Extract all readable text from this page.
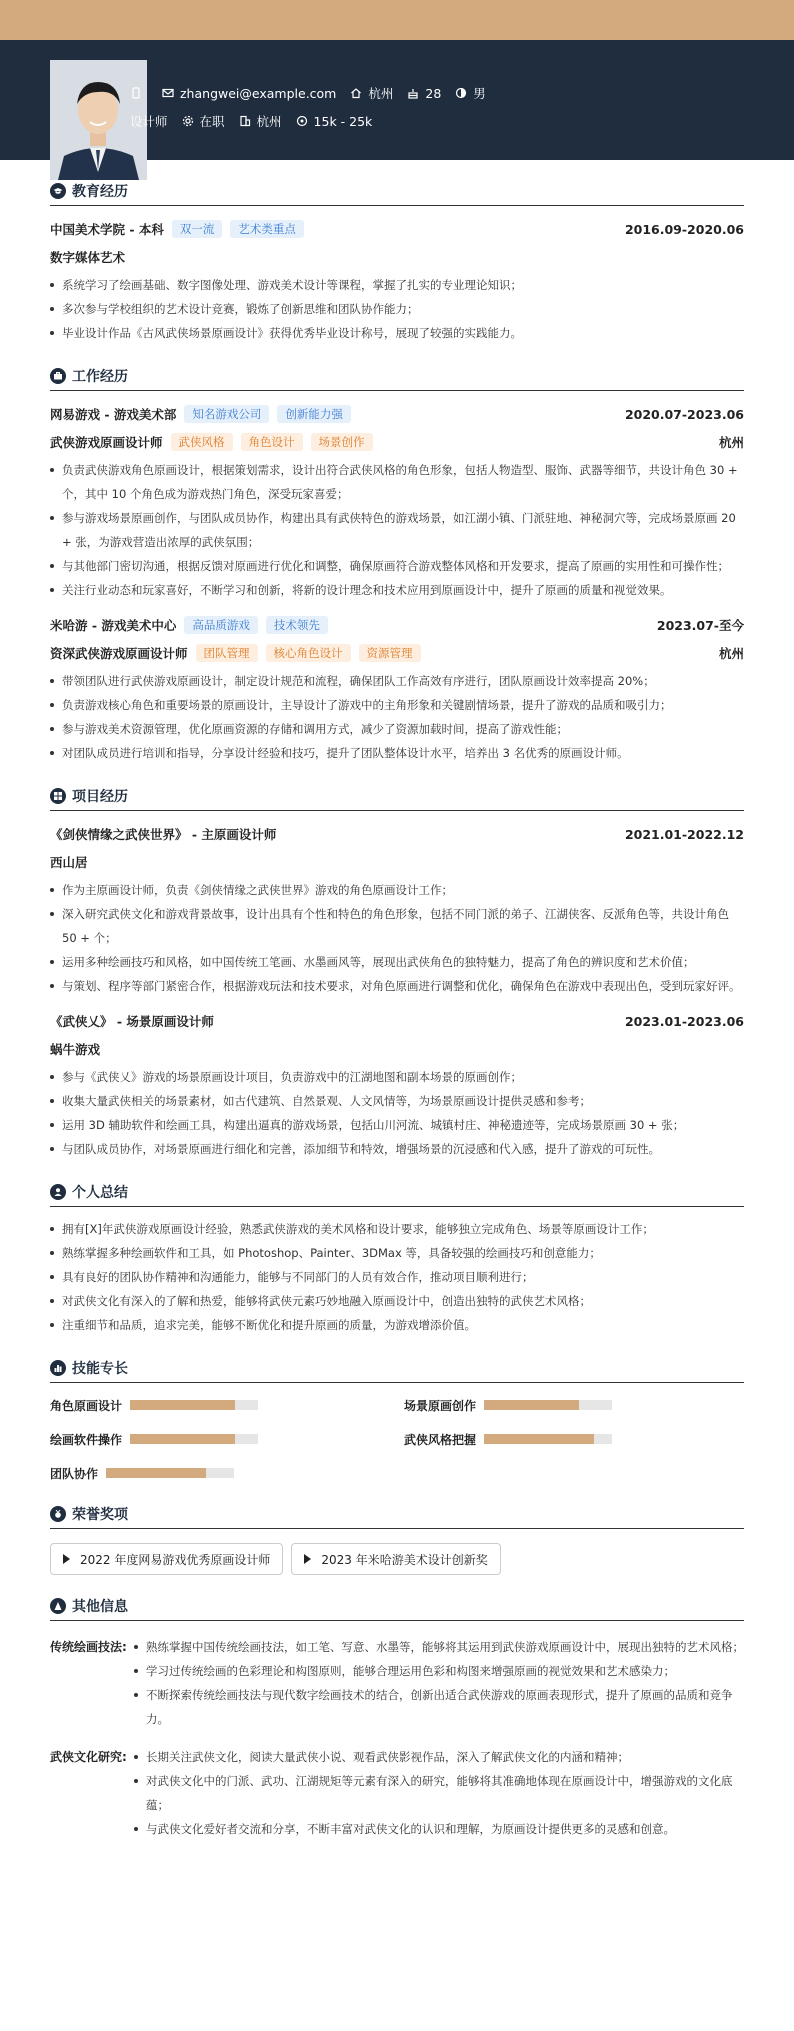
zhangwei@example.com	杭州	28	男
设计师	在职	杭州	15k - 25k
教育经历
中国美术学院 - 本科	双一流	艺术类重点	2016.09-2020.06
数字媒体艺术
系统学习了绘画基础、数字图像处理、游戏美术设计等课程，掌握了扎实的专业理论知识；
多次参与学校组织的艺术设计竞赛，锻炼了创新思维和团队协作能力；
毕业设计作品《古风武侠场景原画设计》获得优秀毕业设计称号，展现了较强的实践能力。
工作经历
网易游戏 - 游戏美术部	知名游戏公司	创新能力强	2020.07-2023.06
武侠游戏原画设计师	武侠风格	角色设计	场景创作	杭州
负责武侠游戏角色原画设计，根据策划需求，设计出符合武侠风格的角色形象，包括人物造型、服饰、武器等细节，共设计角色 30 + 个，其中 10 个角色成为游戏热门角色，深受玩家喜爱；
参与游戏场景原画创作，与团队成员协作，构建出具有武侠特色的游戏场景，如江湖小镇、门派驻地、神秘洞穴等，完成场景原画 20 + 张，为游戏营造出浓厚的武侠氛围；
与其他部门密切沟通，根据反馈对原画进行优化和调整，确保原画符合游戏整体风格和开发要求，提高了原画的实用性和可操作性；
关注行业动态和玩家喜好，不断学习和创新，将新的设计理念和技术应用到原画设计中，提升了原画的质量和视觉效果。
米哈游 - 游戏美术中心	高品质游戏	技术领先	2023.07-至今
资深武侠游戏原画设计师	团队管理	核心角色设计	资源管理	杭州
带领团队进行武侠游戏原画设计，制定设计规范和流程，确保团队工作高效有序进行，团队原画设计效率提高 20%；
负责游戏核心角色和重要场景的原画设计，主导设计了游戏中的主角形象和关键剧情场景，提升了游戏的品质和吸引力；
参与游戏美术资源管理，优化原画资源的存储和调用方式，减少了资源加载时间，提高了游戏性能；
对团队成员进行培训和指导，分享设计经验和技巧，提升了团队整体设计水平，培养出 3 名优秀的原画设计师。
项目经历
《剑侠情缘之武侠世界》 - 主原画设计师	2021.01-2022.12
西山居
作为主原画设计师，负责《剑侠情缘之武侠世界》游戏的角色原画设计工作；
深入研究武侠文化和游戏背景故事，设计出具有个性和特色的角色形象，包括不同门派的弟子、江湖侠客、反派角色等，共设计角色 50 + 个；
运用多种绘画技巧和风格，如中国传统工笔画、水墨画风等，展现出武侠角色的独特魅力，提高了角色的辨识度和艺术价值；
与策划、程序等部门紧密合作，根据游戏玩法和技术要求，对角色原画进行调整和优化，确保角色在游戏中表现出色，受到玩家好评。
《武侠乂》 - 场景原画设计师	2023.01-2023.06
蜗牛游戏
参与《武侠乂》游戏的场景原画设计项目，负责游戏中的江湖地图和副本场景的原画创作；
收集大量武侠相关的场景素材，如古代建筑、自然景观、人文风情等，为场景原画设计提供灵感和参考；
运用 3D 辅助软件和绘画工具，构建出逼真的游戏场景，包括山川河流、城镇村庄、神秘遗迹等，完成场景原画 30 + 张；
与团队成员协作，对场景原画进行细化和完善，添加细节和特效，增强场景的沉浸感和代入感，提升了游戏的可玩性。
个人总结
拥有[X]年武侠游戏原画设计经验，熟悉武侠游戏的美术风格和设计要求，能够独立完成角色、场景等原画设计工作；
熟练掌握多种绘画软件和工具，如 Photoshop、Painter、3DMax 等，具备较强的绘画技巧和创意能力；
具有良好的团队协作精神和沟通能力，能够与不同部门的人员有效合作，推动项目顺利进行；
对武侠文化有深入的了解和热爱，能够将武侠元素巧妙地融入原画设计中，创造出独特的武侠艺术风格；
注重细节和品质，追求完美，能够不断优化和提升原画的质量，为游戏增添价值。
技能专长
角色原画设计	场景原画创作
绘画软件操作	武侠风格把握
团队协作
荣誉奖项
2022 年度网易游戏优秀原画设计师	2023 年米哈游美术设计创新奖
其他信息
传统绘画技法:	熟练掌握中国传统绘画技法，如工笔、写意、水墨等，能够将其运用到武侠游戏原画设计中，展现出独特的艺术风格；
学习过传统绘画的色彩理论和构图原则，能够合理运用色彩和构图来增强原画的视觉效果和艺术感染力；
不断探索传统绘画技法与现代数字绘画技术的结合，创新出适合武侠游戏的原画表现形式，提升了原画的品质和竞争力。
武侠文化研究:	长期关注武侠文化，阅读大量武侠小说、观看武侠影视作品，深入了解武侠文化的内涵和精神；
对武侠文化中的门派、武功、江湖规矩等元素有深入的研究，能够将其准确地体现在原画设计中，增强游戏的文化底蕴；
与武侠文化爱好者交流和分享，不断丰富对武侠文化的认识和理解，为原画设计提供更多的灵感和创意。
